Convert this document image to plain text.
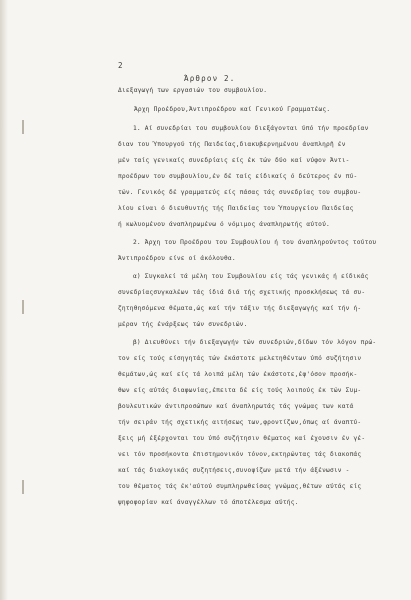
2
Άρθρον 2.
Διεξαγωγή των εργασιών του συμβουλίου.
Άρχη Προέδρου,Άντιπροέδρου καί Γενικού Γραμματέως.
1. Αί συνεδρίαι του συμβουλίου διεξάγονται ύπό τήν προεδρίαν
διαν του Ύπουργού τής Παιδείας,διακυβερνημένου άναπληρῆ έν
μέν ταίς γενικαίς συνεδρίαις είς έκ τών δύο καί νύφον Ἀντι-
προέδρων του συμβουλίου,έν δέ ταίς είδικαίς ό δεύτερος έν πύ-
τών. Γενικός δέ γραμματεύς είς πάσας τάς συνεδρίας του συμβου-
λίου είναι ό διευθυντής τής Παιδείας του Ύπουργείου Παιδείας
ή κωλυομένου άναπληρωμένω ό νόμιμος άναπληρωτής αύτού.
2. Άρχη του Προέδρου του Συμβουλίου ή του άναπληρούντος τούτου
Άντιπροέδρου είνε οί άκόλουθα.
α) Συγκαλεί τά μέλη του Συμβουλίου είς τάς γενικάς ή είδικάς
συνεδρίαςσυγκαλέων τάς ίδιά διά τής σχετικής προσκλήσεως τά συ-
ζητηθησόμενα θέματα,ώς καί τήν τάξιν τής διεξαγωγής καί τήν ή-
μέραν τής ένάρξεως τών συνεδριών.
β) Διευθύνει τήν διεξαγωγήν τών συνεδριών,δίδων τόν λόγον πρώ-
τον είς τούς είσηγητάς τών έκάστοτε μελετηθέντων ύπό συζήτησιν
θεμάτων,ώς καί είς τά λοιπά μέλη τών έκάστοτε,έφ'όσον προσήκ-
θων είς αύτάς διαφωνίας,έπειτα δέ είς τούς λοιπούς έκ τών Συμ-
βουλευτικών άντιπροσώπων καί άναπληρωτάς τάς γνώμας των κατά
τήν σειράν τής σχετικής αιτήσεως των,φροντίζων,όπως αί άναπτύ-
ξεις μή έξέρχονται του ύπό συζήτησιν θέματος καί έχουσιν έν γέ-
νει τόν προσήκοντα έπιστημονικόν τόνον,εκτηρώντας τάς διακοπάς
καί τάς διαλογικάς συζητήσεις,συνοψίζων μετά τήν άξένωσιν -
του θέματος τάς έκ'αύτού συμπληρωθείσας γνώμας,θέτων αύτάς είς
ψηφοφορίαν καί άναγγέλλων τό άποτέλεσμα αύτής.
